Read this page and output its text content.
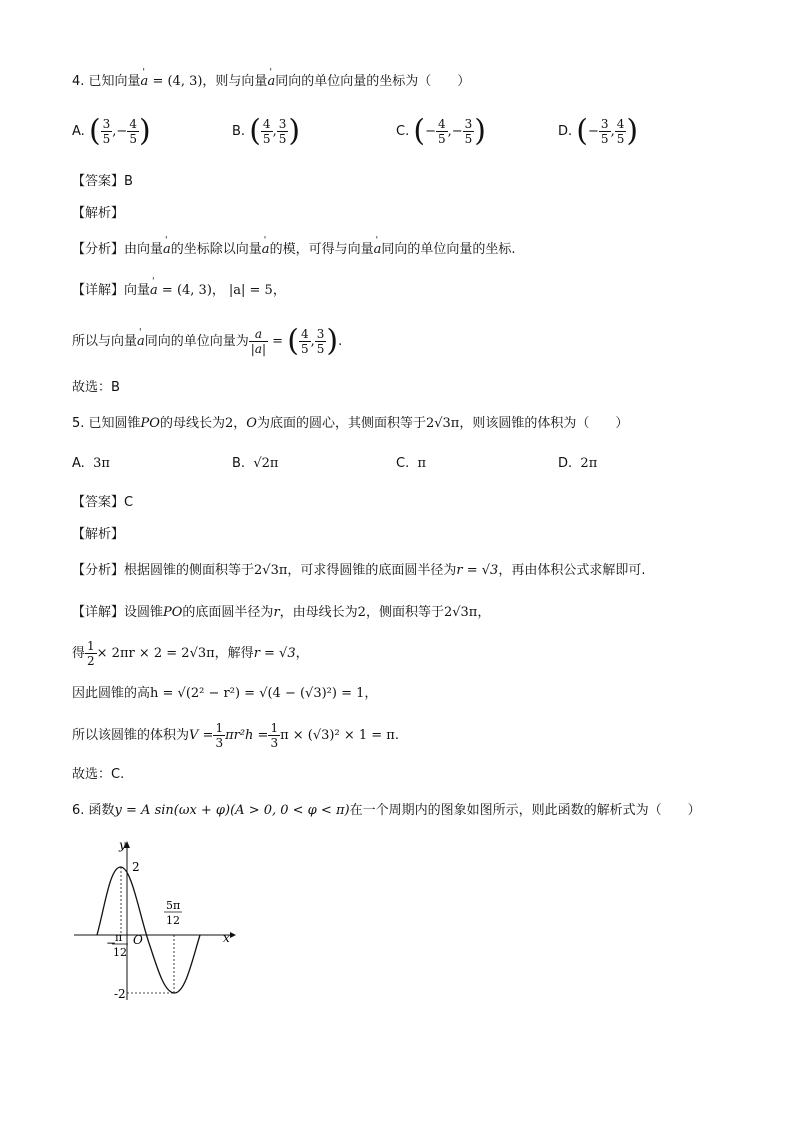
4. 已知向量' a = (4, 3)，则与向量' a同向的单位向量的坐标为（　　）
A. ( $\frac{3}{5}$ ,− $\frac{4}{5}$ )	B. ( $\frac{4}{5}$ , $\frac{3}{5}$ )	C. (− $\frac{4}{5}$ ,− $\frac{3}{5}$ )	D. (− $\frac{3}{5}$ , $\frac{4}{5}$ )
【答案】B
【解析】
【分析】由向量' a的坐标除以向量' a的模，可得与向量' a同向的单位向量的坐标.
【详解】向量' a = (4, 3)， |a| = 5，
所以与向量' a同向的单位向量为 $\frac{a}{|a|}$ = ( $\frac{4}{5}$ , $\frac{3}{5}$ ).
故选：B
5. 已知圆锥PO的母线长为2，O为底面的圆心，其侧面积等于2√3π，则该圆锥的体积为（　　）
A. 3π	B. √2π	C. π	D. 2π
【答案】C
【解析】
【分析】根据圆锥的侧面积等于2√3π，可求得圆锥的底面圆半径为r = √3，再由体积公式求解即可.
【详解】设圆锥PO的底面圆半径为r，由母线长为2，侧面积等于2√3π，
得 $\frac{1}{2} \times 2\pi r \times 2 = 2√3\pi$，解得r = √3，
因此圆锥的高h = √(2² − r²) = √(4 − (√3)²) = 1，
所以该圆锥的体积为$V = \frac{1}{3} \pi r^2h = \frac{1}{3}$ π × (√3)² × 1 = π.
故选：C.
6. 函数y = A sin(ωx + φ)(A > 0, 0 < φ < π)在一个周期内的图象如图所示，则此函数的解析式为（　　）
y
x
O
2
-2
−
π
12
5π
12
